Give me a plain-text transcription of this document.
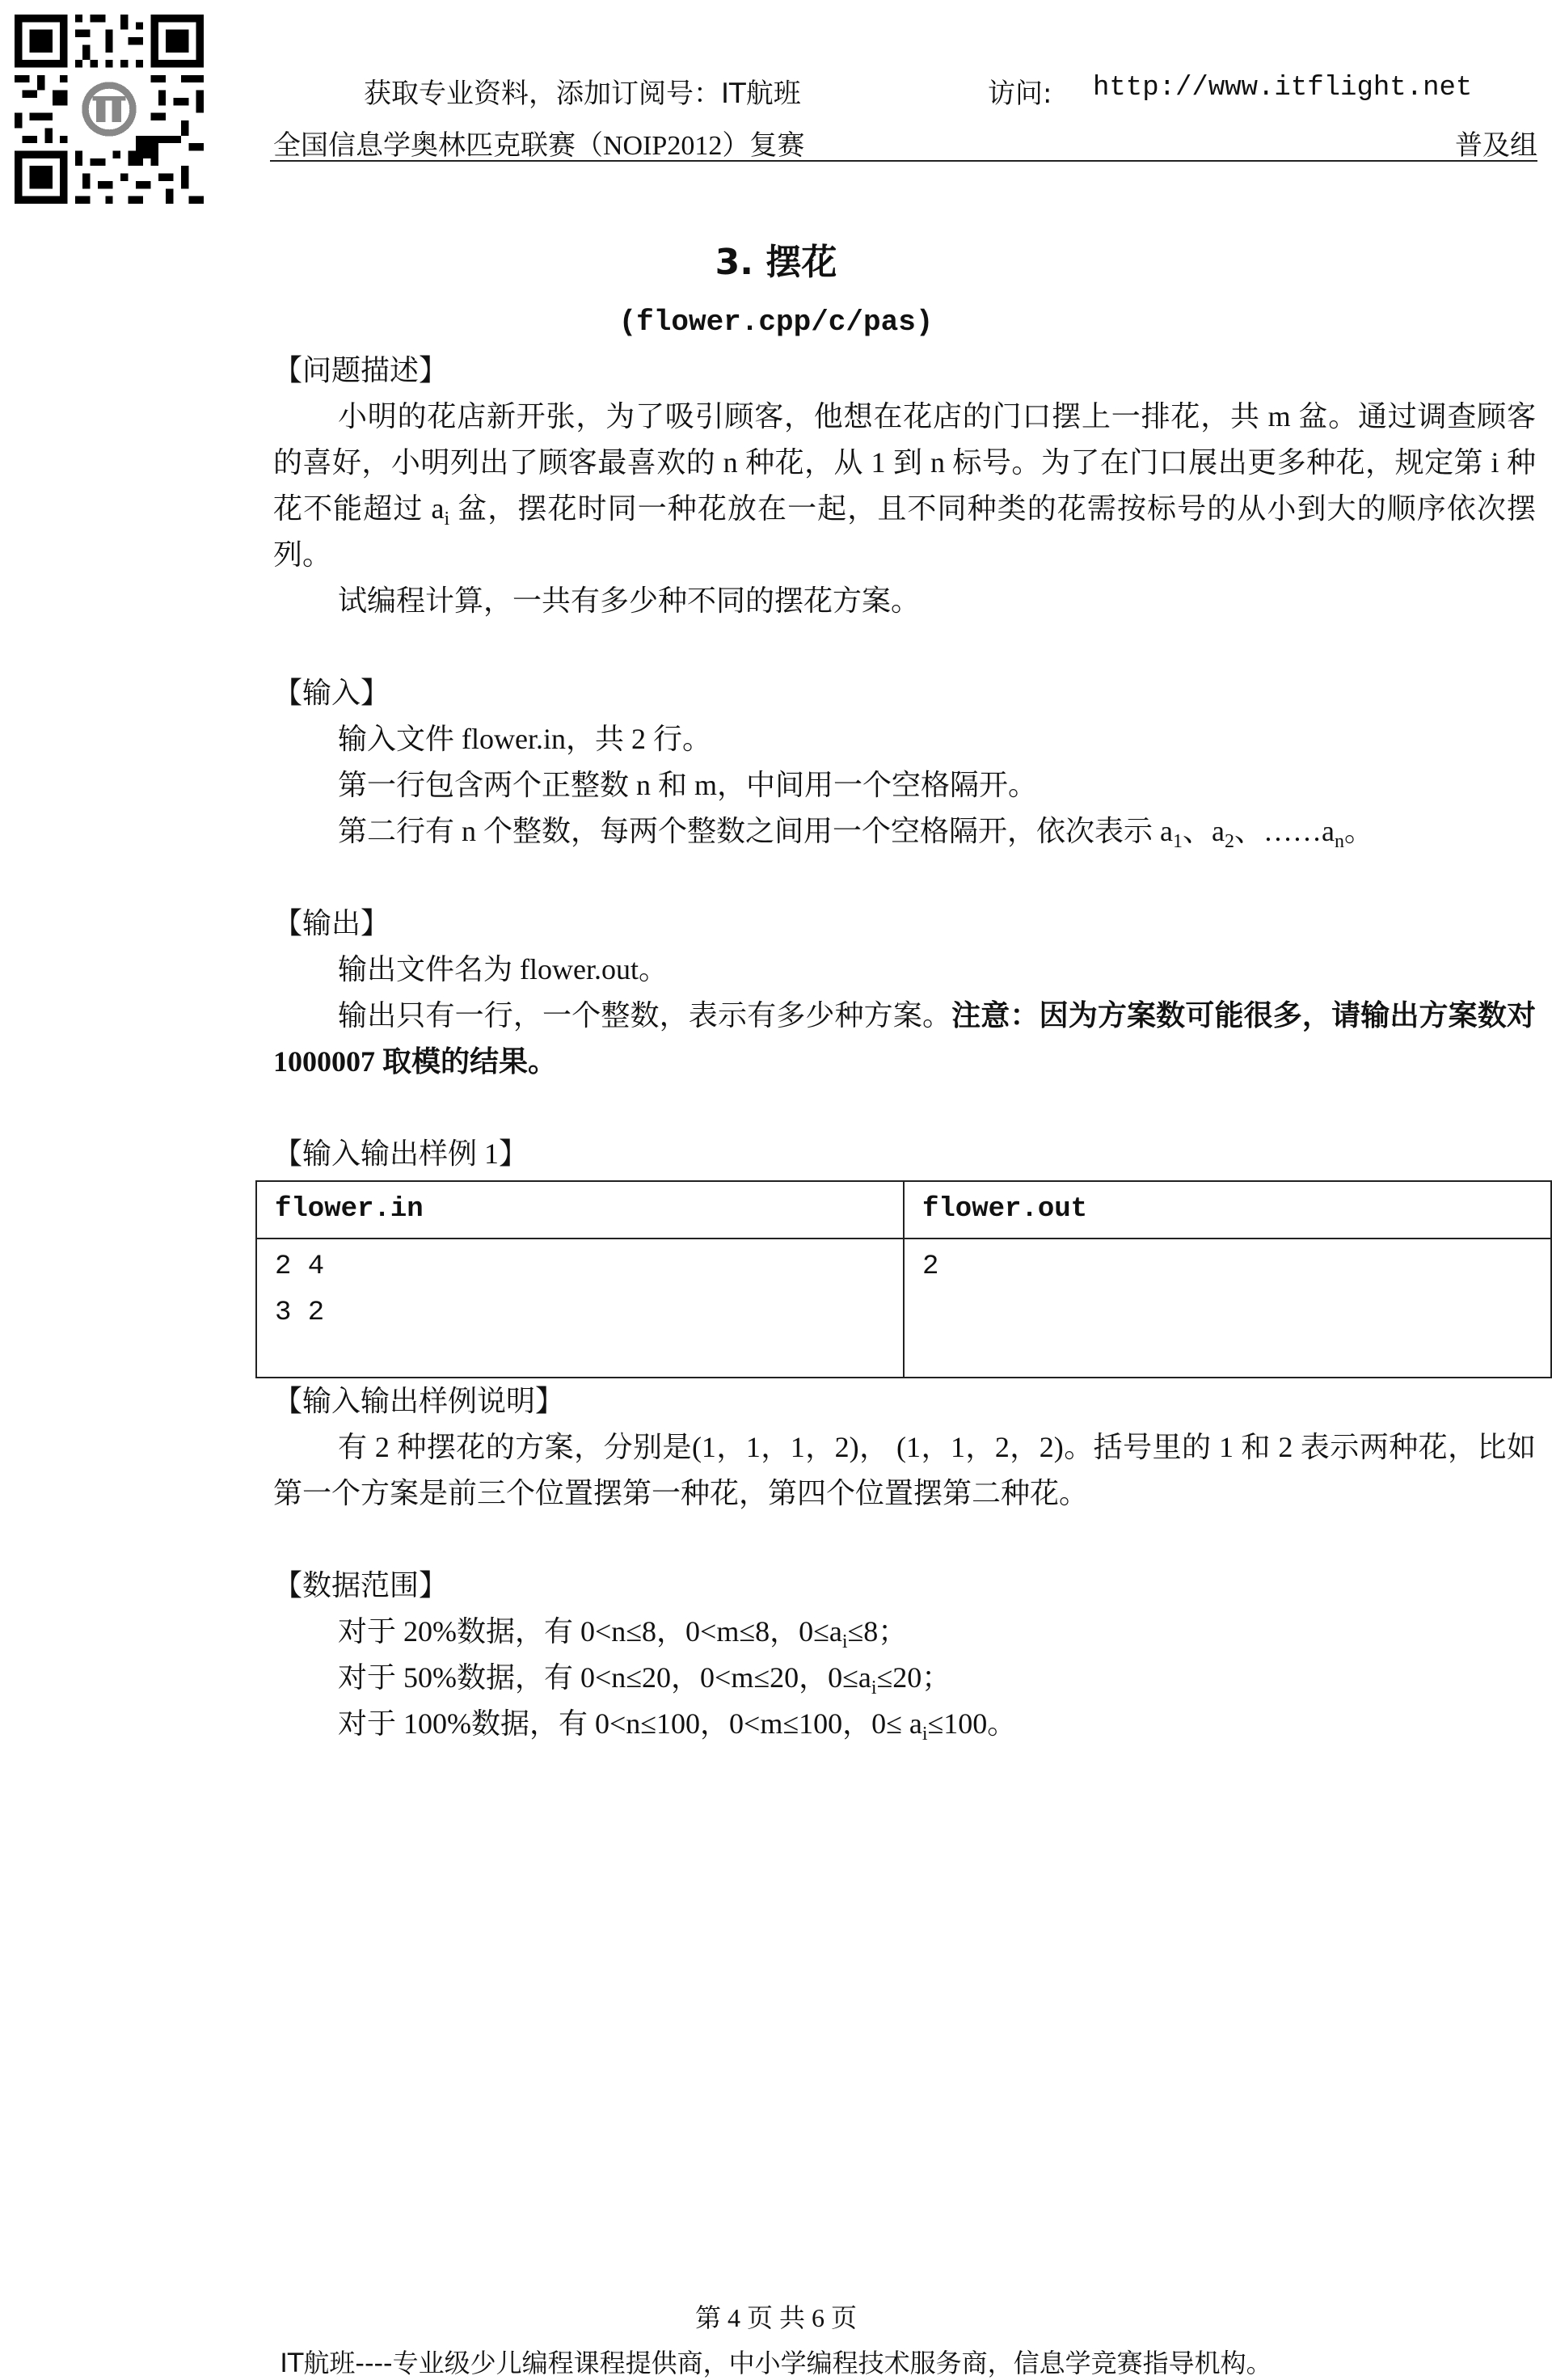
获取专业资料，添加订阅号：IT航班	访问: http://www.itflight.net
全国信息学奥林匹克联赛（NOIP2012）复赛	普及组
3. 摆花
(flower.cpp/c/pas)

【问题描述】

小明的花店新开张，为了吸引顾客，他想在花店的门口摆上一排花，共 m 盆。通过调查顾客的喜好，小明列出了顾客最喜欢的 n 种花，从 1 到 n 标号。为了在门口展出更多种花，规定第 i 种花不能超过 $a_i$ 盆，摆花时同一种花放在一起，且不同种类的花需按标号的从小到大的顺序依次摆列。

试编程计算，一共有多少种不同的摆花方案。

【输入】

输入文件 flower.in，共 2 行。

第一行包含两个正整数 n 和 m，中间用一个空格隔开。

第二行有 n 个整数，每两个整数之间用一个空格隔开，依次表示 $a_1$、$a_2$、$\dots\dots a_n$。

【输出】

输出文件名为 flower.out。

输出只有一行，一个整数，表示有多少种方案。注意：因为方案数可能很多，请输出方案数对 1000007 取模的结果。

【输入输出样例 1】

flower.in	flower.out

2 4
3 2	2

【输入输出样例说明】

有 2 种摆花的方案，分别是(1，1，1，2)， (1，1，2，2)。括号里的 1 和 2 表示两种花，比如第一个方案是前三个位置摆第一种花，第四个位置摆第二种花。

【数据范围】

对于 20%数据，有 0<n≤8，0<m≤8，$0\le a_i\le 8$；

对于 50%数据，有 0<n≤20，0<m≤20，$0\le a_i\le 20$；

对于 100%数据，有 0<n≤100，0<m≤100，$0\le a_i\le 100$。

第 4 页 共 6 页
IT航班----专业级少儿编程课程提供商，中小学编程技术服务商，信息学竞赛指导机构。
